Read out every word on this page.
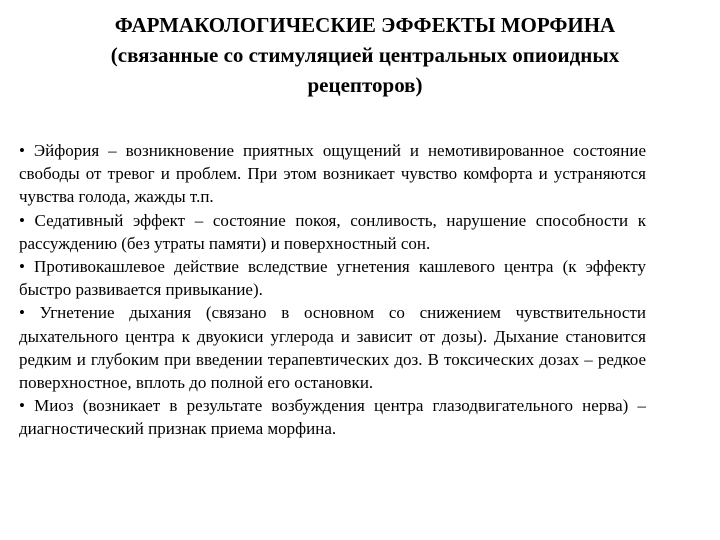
ФАРМАКОЛОГИЧЕСКИЕ ЭФФЕКТЫ МОРФИНА
(связанные со стимуляцией центральных опиоидных
рецепторов)

• Эйфория – возникновение приятных ощущений и немотивированное состояние свободы от тревог и проблем. При этом возникает чувство комфорта и устраняются чувства голода, жажды т.п.

• Седативный эффект – состояние покоя, сонливость, нарушение способности к рассуждению (без утраты памяти) и поверхностный сон.

• Противокашлевое действие вследствие угнетения кашлевого центра (к эффекту быстро развивается привыкание).

• Угнетение дыхания (связано в основном со снижением чувствительности дыхательного центра к двуокиси углерода и зависит от дозы). Дыхание становится редким и глубоким при введении терапевтических доз. В токсических дозах – редкое поверхностное, вплоть до полной его остановки.

• Миоз (возникает в результате возбуждения центра глазодвигательного нерва) – диагностический признак приема морфина.
